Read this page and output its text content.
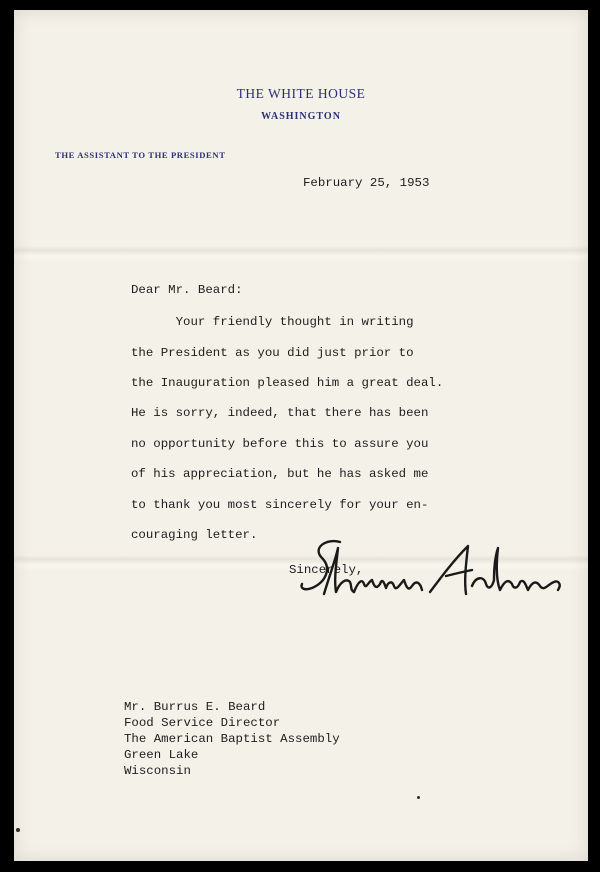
THE WHITE HOUSE
WASHINGTON
THE ASSISTANT TO THE PRESIDENT
February 25, 1953
Dear Mr. Beard:
Your friendly thought in writing
the President as you did just prior to
the Inauguration pleased him a great deal.
He is sorry, indeed, that there has been
no opportunity before this to assure you
of his appreciation, but he has asked me
to thank you most sincerely for your en-
couraging letter.
Sincerely,
Mr. Burrus E. Beard
Food Service Director
The American Baptist Assembly
Green Lake
Wisconsin
